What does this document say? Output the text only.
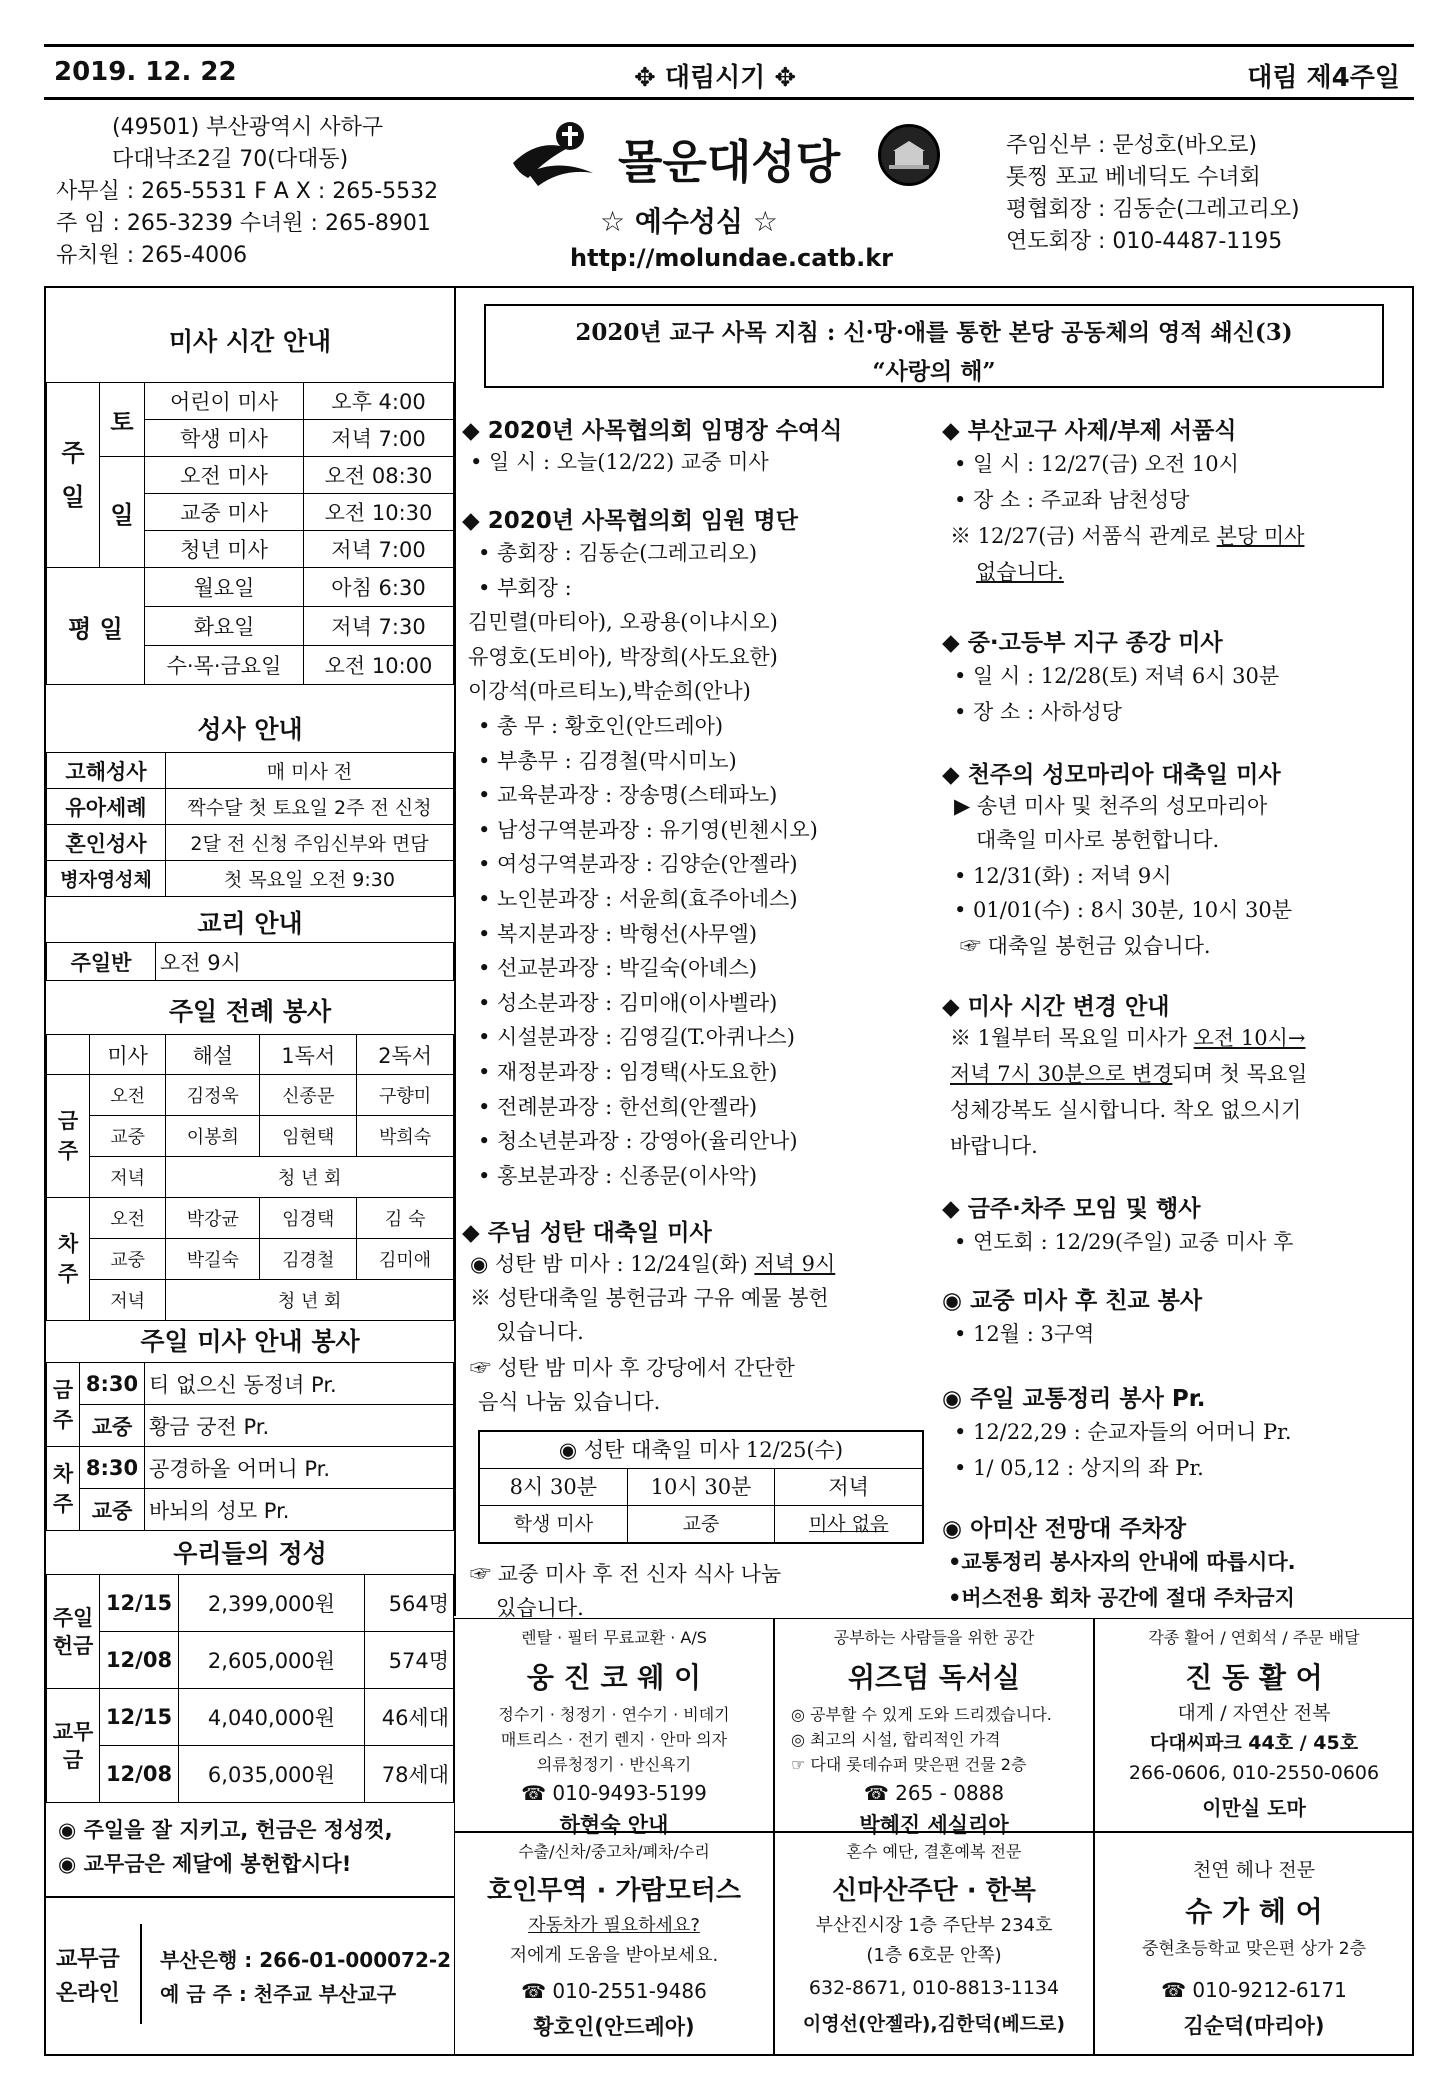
2019. 12. 22	✥ 대림시기 ✥	대림 제4주일
(49501) 부산광역시 사하구
다대낙조2길 70(다대동)
사무실 : 265-5531 F A X : 265-5532
주 임 : 265-3239 수녀원 : 265-8901
유치원 : 265-4006
몰운대성당
☆ 예수성심 ☆
http://molundae.catb.kr
주임신부 : 문성호(바오로)
톳찡 포교 베네딕도 수녀회
평협회장 : 김동순(그레고리오)
연도회장 : 010-4487-1195
미사 시간 안내
주
일	토	어린이 미사	오후 4:00
		학생 미사	저녁 7:00
	일	오전 미사	오전 08:30
		교중 미사	오전 10:30
		청년 미사	저녁 7:00
평 일		월요일	아침 6:30
		화요일	저녁 7:30
		수·목·금요일	오전 10:00
성사 안내
고해성사	매 미사 전
유아세례	짝수달 첫 토요일 2주 전 신청
혼인성사	2달 전 신청 주임신부와 면담
병자영성체	첫 목요일 오전 9:30
교리 안내
주일반	오전 9시
주일 전례 봉사
	미사	해설	1독서	2독서
금주	오전	김정욱	신종문	구향미
	교중	이봉희	임현택	박희숙
	저녁	청 년 회		
차주	오전	박강균	임경택	김 숙
	교중	박길숙	김경철	김미애
	저녁	청 년 회		
주일 미사 안내 봉사
금주	8:30	티 없으신 동정녀 Pr.
	교중	황금 궁전 Pr.
차주	8:30	공경하올 어머니 Pr.
	교중	바뇌의 성모 Pr.
우리들의 정성
주일헌금	12/15	2,399,000원	564명
	12/08	2,605,000원	574명
교무금	12/15	4,040,000원	46세대
	12/08	6,035,000원	78세대
◉ 주일을 잘 지키고, 헌금은 정성껏,
◉ 교무금은 제달에 봉헌합시다!
교무금
온라인
부산은행 : 266-01-000072-2
예 금 주 : 천주교 부산교구
2020년 교구 사목 지침 : 신·망·애를 통한 본당 공동체의 영적 쇄신(3)
“사랑의 해”
◆ 2020년 사목협의회 임명장 수여식
• 일 시 : 오늘(12/22) 교중 미사
◆ 2020년 사목협의회 임원 명단
• 총회장 : 김동순(그레고리오)
• 부회장 :
김민렬(마티아), 오광용(이냐시오)
유영호(도비아), 박장희(사도요한)
이강석(마르티노),박순희(안나)
• 총 무 : 황호인(안드레아)
• 부총무 : 김경철(막시미노)
• 교육분과장 : 장송명(스테파노)
• 남성구역분과장 : 유기영(빈첸시오)
• 여성구역분과장 : 김양순(안젤라)
• 노인분과장 : 서윤희(효주아네스)
• 복지분과장 : 박형선(사무엘)
• 선교분과장 : 박길숙(아녜스)
• 성소분과장 : 김미애(이사벨라)
• 시설분과장 : 김영길(T.아퀴나스)
• 재정분과장 : 임경택(사도요한)
• 전례분과장 : 한선희(안젤라)
• 청소년분과장 : 강영아(율리안나)
• 홍보분과장 : 신종문(이사악)
◆ 주님 성탄 대축일 미사
◉ 성탄 밤 미사 : 12/24일(화) 저녁 9시
※ 성탄대축일 봉헌금과 구유 예물 봉헌
있습니다.
☞ 성탄 밤 미사 후 강당에서 간단한
음식 나눔 있습니다.
◉ 성탄 대축일 미사 12/25(수)
8시 30분	10시 30분	저녁
학생 미사	교중	미사 없음
☞ 교중 미사 후 전 신자 식사 나눔
있습니다.
◆ 부산교구 사제/부제 서품식
• 일 시 : 12/27(금) 오전 10시
• 장 소 : 주교좌 남천성당
※ 12/27(금) 서품식 관계로 본당 미사
없습니다.
◆ 중·고등부 지구 종강 미사
• 일 시 : 12/28(토) 저녁 6시 30분
• 장 소 : 사하성당
◆ 천주의 성모마리아 대축일 미사
▶ 송년 미사 및 천주의 성모마리아
대축일 미사로 봉헌합니다.
• 12/31(화) : 저녁 9시
• 01/01(수) : 8시 30분, 10시 30분
☞ 대축일 봉헌금 있습니다.
◆ 미사 시간 변경 안내
※ 1월부터 목요일 미사가 오전 10시→
저녁 7시 30분으로 변경되며 첫 목요일
성체강복도 실시합니다. 착오 없으시기
바랍니다.
◆ 금주·차주 모임 및 행사
• 연도회 : 12/29(주일) 교중 미사 후
◉ 교중 미사 후 친교 봉사
• 12월 : 3구역
◉ 주일 교통정리 봉사 Pr.
• 12/22,29 : 순교자들의 어머니 Pr.
• 1/ 05,12 : 상지의 좌 Pr.
◉ 아미산 전망대 주차장
•교통정리 봉사자의 안내에 따릅시다.
•버스전용 회차 공간에 절대 주차금지
렌탈 · 필터 무료교환 · A/S
웅 진 코 웨 이
정수기 · 청정기 · 연수기 · 비데기
매트리스 · 전기 렌지 · 안마 의자
의류청정기 · 반신욕기
☎ 010-9493-5199
하현숙 안내
공부하는 사람들을 위한 공간
위즈덤 독서실
◎ 공부할 수 있게 도와 드리겠습니다.
◎ 최고의 시설, 합리적인 가격
☞ 다대 롯데슈퍼 맞은편 건물 2층
☎ 265 - 0888
박혜진 세실리아
각종 활어 / 연회석 / 주문 배달
진 동 활 어
대게 / 자연산 전복
다대씨파크 44호 / 45호
266-0606, 010-2550-0606
이만실 도마
수출/신차/중고차/폐차/수리
호인무역 · 가람모터스
자동차가 필요하세요?
저에게 도움을 받아보세요.
☎ 010-2551-9486
황호인(안드레아)
혼수 예단, 결혼예복 전문
신마산주단 · 한복
부산진시장 1층 주단부 234호
(1층 6호문 안쪽)
632-8671, 010-8813-1134
이영선(안젤라),김한덕(베드로)
천연 헤나 전문
슈 가 헤 어
중현초등학교 맞은편 상가 2층
☎ 010-9212-6171
김순덕(마리아)
